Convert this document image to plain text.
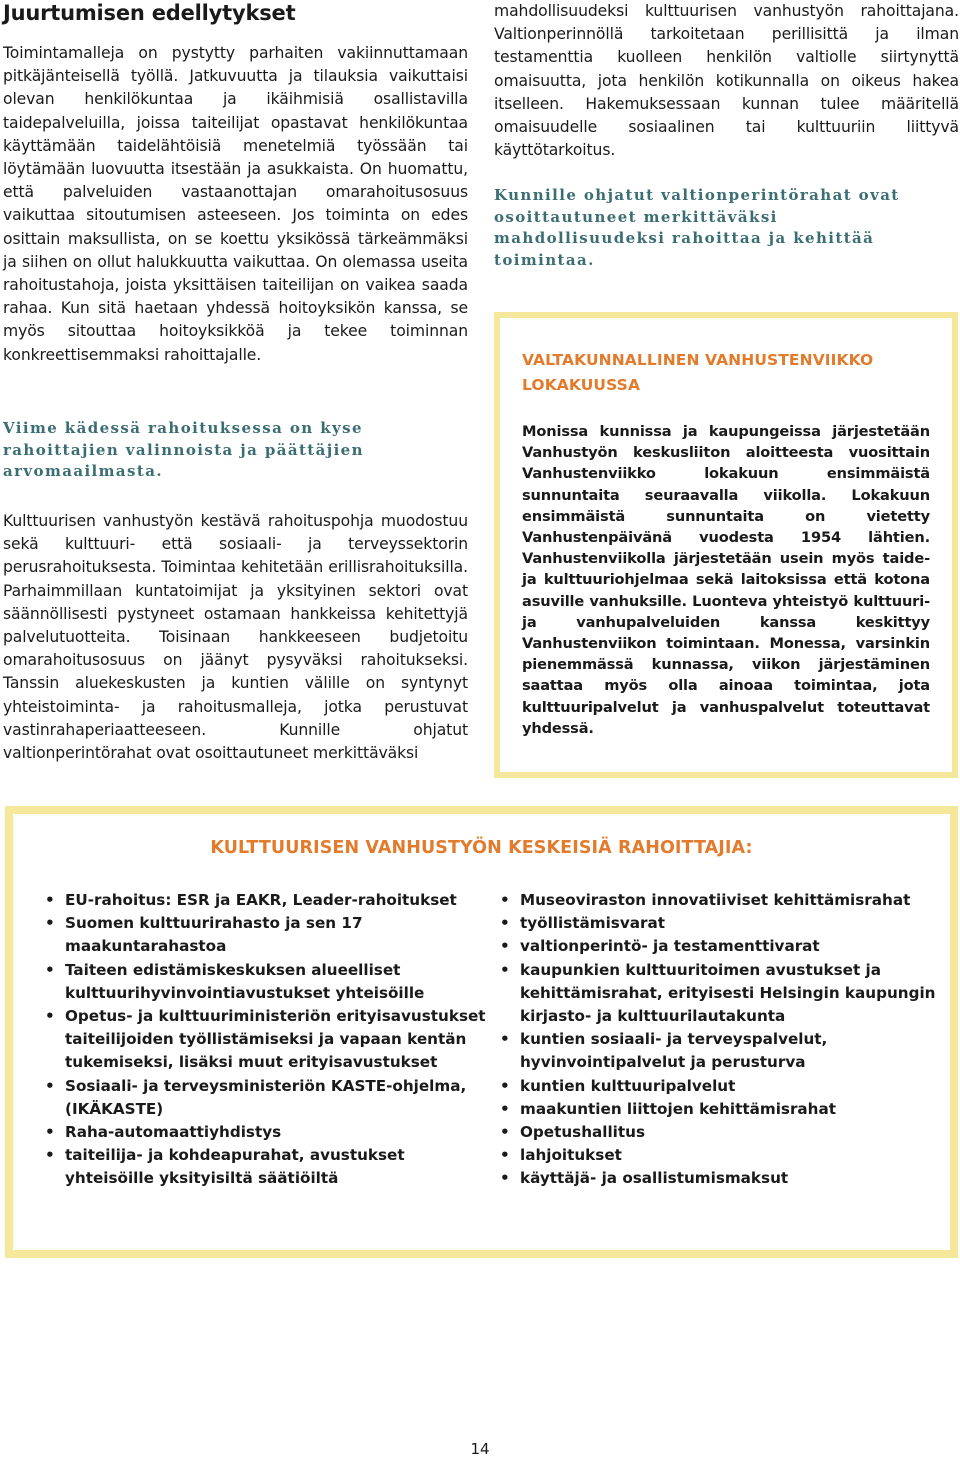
Juurtumisen edellytykset

Toimintamalleja on pystytty parhaiten vakiinnuttamaan pitkäjänteisellä työllä. Jatkuvuutta ja tilauksia vaikuttaisi olevan henkilökuntaa ja ikäihmisiä osallistavilla taidepalveluilla, joissa taiteilijat opastavat henkilökuntaa käyttämään taidelähtöisiä menetelmiä työssään tai löytämään luovuutta itsestään ja asukkaista. On huomattu, että palveluiden vastaanottajan omarahoitusosuus vaikuttaa sitoutumisen asteeseen. Jos toiminta on edes osittain maksullista, on se koettu yksikössä tärkeämmäksi ja siihen on ollut halukkuutta vaikuttaa. On olemassa useita rahoitustahoja, joista yksittäisen taiteilijan on vaikea saada rahaa. Kun sitä haetaan yhdessä hoitoyksikön kanssa, se myös sitouttaa hoitoyksikköä ja tekee toiminnan konkreettisemmaksi rahoittajalle.

Viime kädessä rahoituksessa on kyse rahoittajien valinnoista ja päättäjien arvomaailmasta.

Kulttuurisen vanhustyön kestävä rahoituspohja muodostuu sekä kulttuuri- että sosiaali- ja terveyssektorin perusrahoituksesta. Toimintaa kehitetään erillisrahoituksilla. Parhaimmillaan kuntatoimijat ja yksityinen sektori ovat säännöllisesti pystyneet ostamaan hankkeissa kehitettyjä palvelutuotteita. Toisinaan hankkeeseen budjetoitu omarahoitusosuus on jäänyt pysyväksi rahoitukseksi. Tanssin aluekeskusten ja kuntien välille on syntynyt yhteistoiminta- ja rahoitusmalleja, jotka perustuvat vastinrahaperiaatteeseen. Kunnille ohjatut valtionperintörahat ovat osoittautuneet merkittäväksi

mahdollisuudeksi kulttuurisen vanhustyön rahoittajana. Valtionperinnöllä tarkoitetaan perillisittä ja ilman testamenttia kuolleen henkilön valtiolle siirtynyttä omaisuutta, jota henkilön kotikunnalla on oikeus hakea itselleen. Hakemuksessaan kunnan tulee määritellä omaisuudelle sosiaalinen tai kulttuuriin liittyvä käyttötarkoitus.

Kunnille ohjatut valtionperintörahat ovat osoittautuneet merkittäväksi mahdollisuudeksi rahoittaa ja kehittää toimintaa.

VALTAKUNNALLINEN VANHUSTENVIIKKO LOKAKUUSSA

Monissa kunnissa ja kaupungeissa järjestetään Vanhustyön keskusliiton aloitteesta vuosittain Vanhustenviikko lokakuun ensimmäistä sunnuntaita seuraavalla viikolla. Lokakuun ensimmäistä sunnuntaita on vietetty Vanhustenpäivänä vuodesta 1954 lähtien. Vanhustenviikolla järjestetään usein myös taide- ja kulttuuriohjelmaa sekä laitoksissa että kotona asuville vanhuksille. Luonteva yhteistyö kulttuuri- ja vanhupalveluiden kanssa keskittyy Vanhustenviikon toimintaan. Monessa, varsinkin pienemmässä kunnassa, viikon järjestäminen saattaa myös olla ainoaa toimintaa, jota kulttuuripalvelut ja vanhuspalvelut toteuttavat yhdessä.

KULTTUURISEN VANHUSTYÖN KESKEISIÄ RAHOITTAJIA:

• EU-rahoitus: ESR ja EAKR, Leader-rahoitukset
• Suomen kulttuurirahasto ja sen 17 maakuntarahastoa
• Taiteen edistämiskeskuksen alueelliset kulttuurihyvinvointiavustukset yhteisöille
• Opetus- ja kulttuuriministeriön erityisavustukset taiteilijoiden työllistämiseksi ja vapaan kentän tukemiseksi, lisäksi muut erityisavustukset
• Sosiaali- ja terveysministeriön KASTE-ohjelma, (IKÄKASTE)
• Raha-automaattiyhdistys
• taiteilija- ja kohdeapurahat, avustukset yhteisöille yksityisiltä säätiöiltä
• Museoviraston innovatiiviset kehittämisrahat
• työllistämisvarat
• valtionperintö- ja testamenttivarat
• kaupunkien kulttuuritoimen avustukset ja kehittämisrahat, erityisesti Helsingin kaupungin kirjasto- ja kulttuurilautakunta
• kuntien sosiaali- ja terveyspalvelut, hyvinvointipalvelut ja perusturva
• kuntien kulttuuripalvelut
• maakuntien liittojen kehittämisrahat
• Opetushallitus
• lahjoitukset
• käyttäjä- ja osallistumismaksut

14
